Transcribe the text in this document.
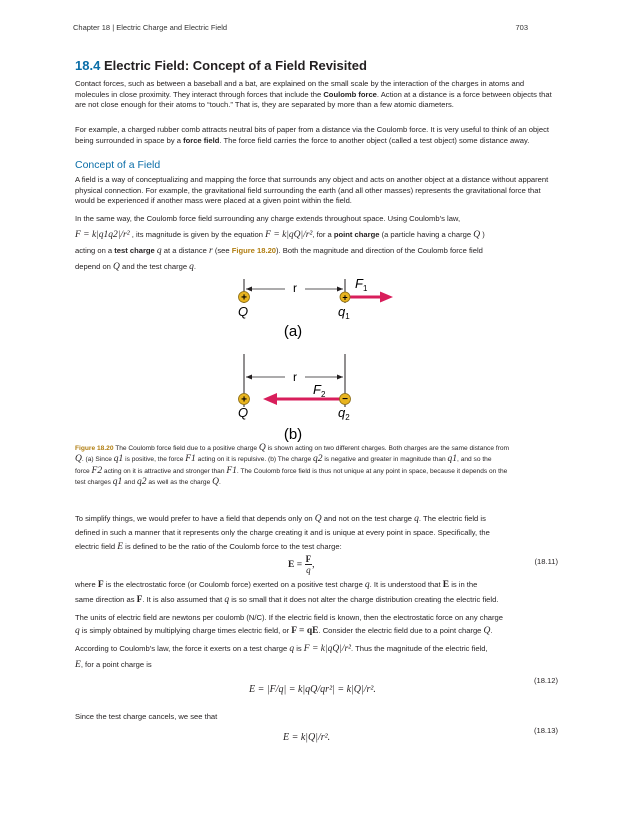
Chapter 18 | Electric Charge and Electric Field	703
18.4 Electric Field: Concept of a Field Revisited
Contact forces, such as between a baseball and a bat, are explained on the small scale by the interaction of the charges in atoms and molecules in close proximity. They interact through forces that include the Coulomb force. Action at a distance is a force between objects that are not close enough for their atoms to “touch.” That is, they are separated by more than a few atomic diameters.
For example, a charged rubber comb attracts neutral bits of paper from a distance via the Coulomb force. It is very useful to think of an object being surrounded in space by a force field. The force field carries the force to another object (called a test object) some distance away.
Concept of a Field
A field is a way of conceptualizing and mapping the force that surrounds any object and acts on another object at a distance without apparent physical connection. For example, the gravitational field surrounding the earth (and all other masses) represents the gravitational force that would be experienced if another mass were placed at a given point within the field.
In the same way, the Coulomb force field surrounding any charge extends throughout space. Using Coulomb’s law,
F = k|q1q2|/r² , its magnitude is given by the equation F = k|qQ|/r², for a point charge (a particle having a charge Q )
acting on a test charge q at a distance r (see Figure 18.20). Both the magnitude and direction of the Coulomb force field
depend on Q and the test charge q.
r	$F_1$
+	+
Q	$q_1$
(a)
r
$F_2$
+	−
Q	$q_2$
(b)
Figure 18.20 The Coulomb force field due to a positive charge Q is shown acting on two different charges. Both charges are the same distance from
Q. (a) Since q1 is positive, the force F1 acting on it is repulsive. (b) The charge q2 is negative and greater in magnitude than q1, and so the
force F2 acting on it is attractive and stronger than F1. The Coulomb force field is thus not unique at any point in space, because it depends on the
test charges q1 and q2 as well as the charge Q.
To simplify things, we would prefer to have a field that depends only on Q and not on the test charge q. The electric field is
defined in such a manner that it represents only the charge creating it and is unique at every point in space. Specifically, the
electric field E is defined to be the ratio of the Coulomb force to the test charge:
$E = \frac{F}{q}$ ,	(18.11)
where F is the electrostatic force (or Coulomb force) exerted on a positive test charge q. It is understood that E is in the
same direction as F. It is also assumed that q is so small that it does not alter the charge distribution creating the electric field.
The units of electric field are newtons per coulomb (N/C). If the electric field is known, then the electrostatic force on any charge
q is simply obtained by multiplying charge times electric field, or F = qE. Consider the electric field due to a point charge Q.
According to Coulomb’s law, the force it exerts on a test charge q is F = k|qQ|/r². Thus the magnitude of the electric field,
E, for a point charge is
E = |F/q| = k|qQ/qr²| = k|Q|/r².
(18.12)
Since the test charge cancels, we see that
E = k|Q|/r².
(18.13)
